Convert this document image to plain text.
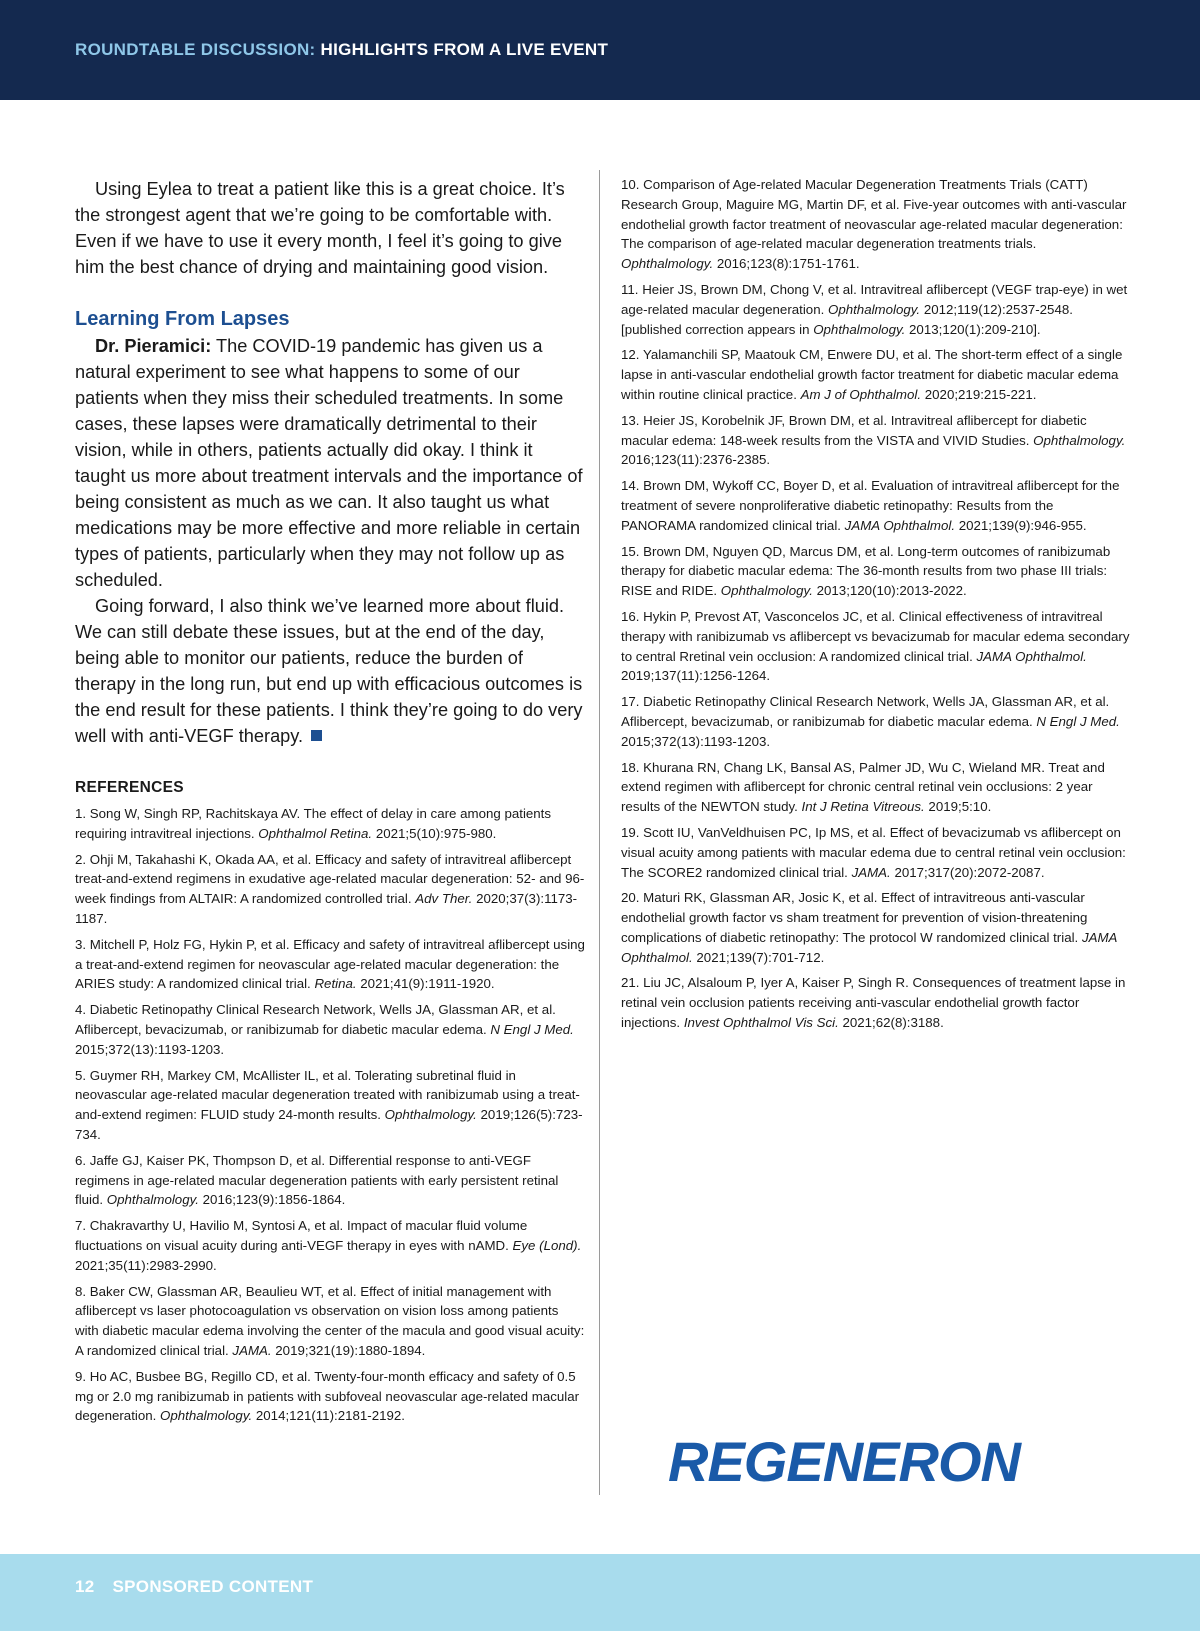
ROUNDTABLE DISCUSSION: HIGHLIGHTS FROM A LIVE EVENT

Using Eylea to treat a patient like this is a great choice. It’s the strongest agent that we’re going to be comfortable with. Even if we have to use it every month, I feel it’s going to give him the best chance of drying and maintaining good vision.

Learning From Lapses

Dr. Pieramici: The COVID-19 pandemic has given us a natural experiment to see what happens to some of our patients when they miss their scheduled treatments. In some cases, these lapses were dramatically detrimental to their vision, while in others, patients actually did okay. I think it taught us more about treatment intervals and the importance of being consistent as much as we can. It also taught us what medications may be more effective and more reliable in certain types of patients, particularly when they may not follow up as scheduled.

Going forward, I also think we’ve learned more about fluid. We can still debate these issues, but at the end of the day, being able to monitor our patients, reduce the burden of therapy in the long run, but end up with efficacious outcomes is the end result for these patients. I think they’re going to do very well with anti-VEGF therapy.

REFERENCES

1. Song W, Singh RP, Rachitskaya AV. The effect of delay in care among patients requiring intravitreal injections. Ophthalmol Retina. 2021;5(10):975-980.

2. Ohji M, Takahashi K, Okada AA, et al. Efficacy and safety of intravitreal aflibercept treat-and-extend regimens in exudative age-related macular degeneration: 52- and 96-week findings from ALTAIR: A randomized controlled trial. Adv Ther. 2020;37(3):1173-1187.

3. Mitchell P, Holz FG, Hykin P, et al. Efficacy and safety of intravitreal aflibercept using a treat-and-extend regimen for neovascular age-related macular degeneration: the ARIES study: A randomized clinical trial. Retina. 2021;41(9):1911-1920.

4. Diabetic Retinopathy Clinical Research Network, Wells JA, Glassman AR, et al. Aflibercept, bevacizumab, or ranibizumab for diabetic macular edema. N Engl J Med. 2015;372(13):1193-1203.

5. Guymer RH, Markey CM, McAllister IL, et al. Tolerating subretinal fluid in neovascular age-related macular degeneration treated with ranibizumab using a treat-and-extend regimen: FLUID study 24-month results. Ophthalmology. 2019;126(5):723-734.

6. Jaffe GJ, Kaiser PK, Thompson D, et al. Differential response to anti-VEGF regimens in age-related macular degeneration patients with early persistent retinal fluid. Ophthalmology. 2016;123(9):1856-1864.

7. Chakravarthy U, Havilio M, Syntosi A, et al. Impact of macular fluid volume fluctuations on visual acuity during anti-VEGF therapy in eyes with nAMD. Eye (Lond). 2021;35(11):2983-2990.

8. Baker CW, Glassman AR, Beaulieu WT, et al. Effect of initial management with aflibercept vs laser photocoagulation vs observation on vision loss among patients with diabetic macular edema involving the center of the macula and good visual acuity: A randomized clinical trial. JAMA. 2019;321(19):1880-1894.

9. Ho AC, Busbee BG, Regillo CD, et al. Twenty-four-month efficacy and safety of 0.5 mg or 2.0 mg ranibizumab in patients with subfoveal neovascular age-related macular degeneration. Ophthalmology. 2014;121(11):2181-2192.

10. Comparison of Age-related Macular Degeneration Treatments Trials (CATT) Research Group, Maguire MG, Martin DF, et al. Five-year outcomes with anti-vascular endothelial growth factor treatment of neovascular age-related macular degeneration: The comparison of age-related macular degeneration treatments trials. Ophthalmology. 2016;123(8):1751-1761.

11. Heier JS, Brown DM, Chong V, et al. Intravitreal aflibercept (VEGF trap-eye) in wet age-related macular degeneration. Ophthalmology. 2012;119(12):2537-2548. [published correction appears in Ophthalmology. 2013;120(1):209-210].

12. Yalamanchili SP, Maatouk CM, Enwere DU, et al. The short-term effect of a single lapse in anti-vascular endothelial growth factor treatment for diabetic macular edema within routine clinical practice. Am J of Ophthalmol. 2020;219:215-221.

13. Heier JS, Korobelnik JF, Brown DM, et al. Intravitreal aflibercept for diabetic macular edema: 148-week results from the VISTA and VIVID Studies. Ophthalmology. 2016;123(11):2376-2385.

14. Brown DM, Wykoff CC, Boyer D, et al. Evaluation of intravitreal aflibercept for the treatment of severe nonproliferative diabetic retinopathy: Results from the PANORAMA randomized clinical trial. JAMA Ophthalmol. 2021;139(9):946-955.

15. Brown DM, Nguyen QD, Marcus DM, et al. Long-term outcomes of ranibizumab therapy for diabetic macular edema: The 36-month results from two phase III trials: RISE and RIDE. Ophthalmology. 2013;120(10):2013-2022.

16. Hykin P, Prevost AT, Vasconcelos JC, et al. Clinical effectiveness of intravitreal therapy with ranibizumab vs aflibercept vs bevacizumab for macular edema secondary to central Rretinal vein occlusion: A randomized clinical trial. JAMA Ophthalmol. 2019;137(11):1256-1264.

17. Diabetic Retinopathy Clinical Research Network, Wells JA, Glassman AR, et al. Aflibercept, bevacizumab, or ranibizumab for diabetic macular edema. N Engl J Med. 2015;372(13):1193-1203.

18. Khurana RN, Chang LK, Bansal AS, Palmer JD, Wu C, Wieland MR. Treat and extend regimen with aflibercept for chronic central retinal vein occlusions: 2 year results of the NEWTON study. Int J Retina Vitreous. 2019;5:10.

19. Scott IU, VanVeldhuisen PC, Ip MS, et al. Effect of bevacizumab vs aflibercept on visual acuity among patients with macular edema due to central retinal vein occlusion: The SCORE2 randomized clinical trial. JAMA. 2017;317(20):2072-2087.

20. Maturi RK, Glassman AR, Josic K, et al. Effect of intravitreous anti-vascular endothelial growth factor vs sham treatment for prevention of vision-threatening complications of diabetic retinopathy: The protocol W randomized clinical trial. JAMA Ophthalmol. 2021;139(7):701-712.

21. Liu JC, Alsaloum P, Iyer A, Kaiser P, Singh R. Consequences of treatment lapse in retinal vein occlusion patients receiving anti-vascular endothelial growth factor injections. Invest Ophthalmol Vis Sci. 2021;62(8):3188.

REGENERON
12 SPONSORED CONTENT
